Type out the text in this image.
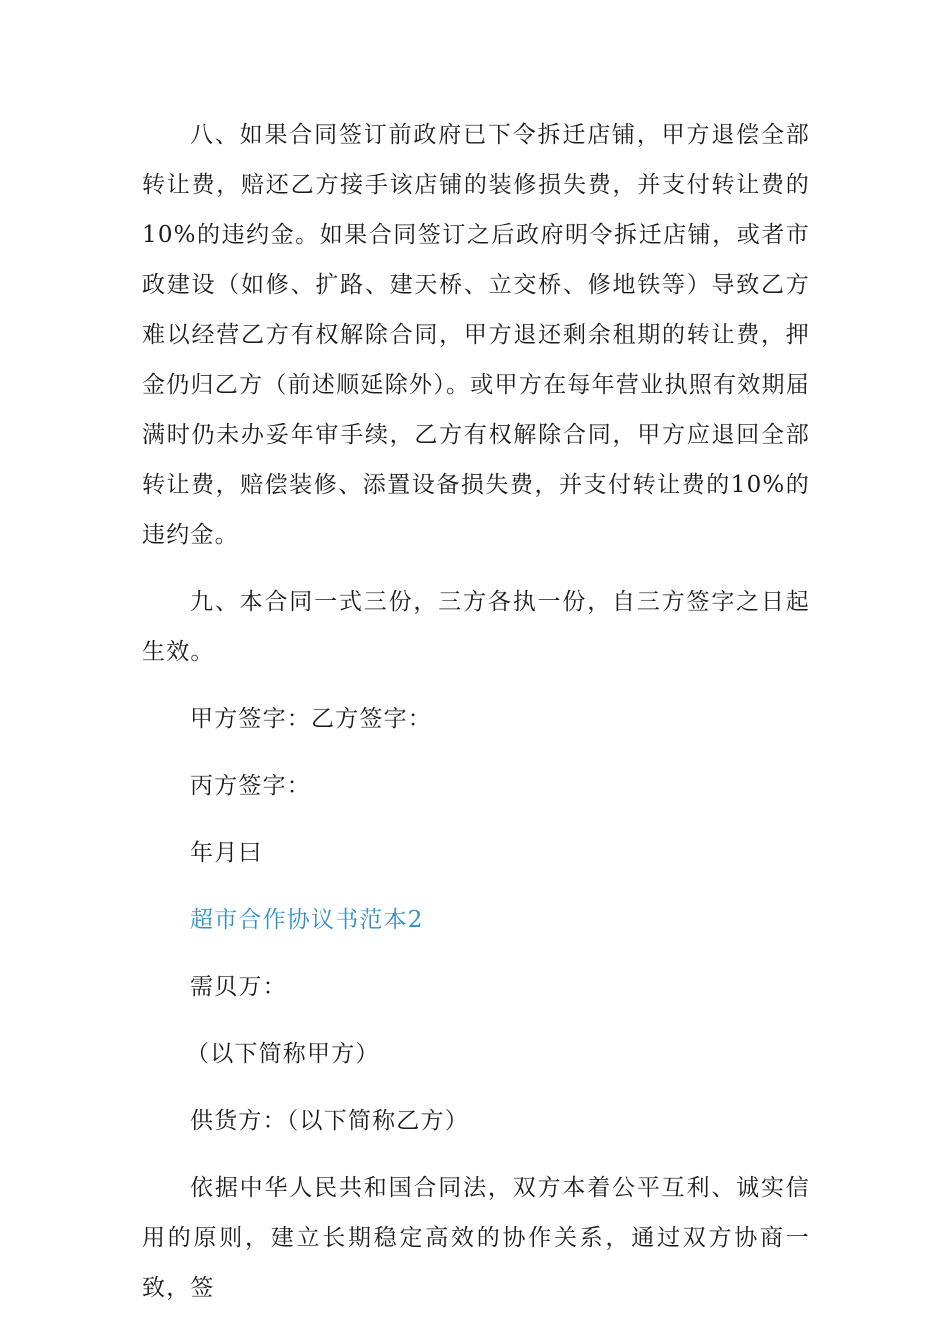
八、如果合同签订前政府已下令拆迁店铺，甲方退偿全部转让费，赔还乙方接手该店铺的装修损失费，并支付转让费的10%的违约金。如果合同签订之后政府明令拆迁店铺，或者市政建设（如修、扩路、建天桥、立交桥、修地铁等）导致乙方难以经营乙方有权解除合同，甲方退还剩余租期的转让费，押金仍归乙方（前述顺延除外）。或甲方在每年营业执照有效期届满时仍未办妥年审手续，乙方有权解除合同，甲方应退回全部转让费，赔偿装修、添置设备损失费，并支付转让费的10%的违约金。

九、本合同一式三份，三方各执一份，自三方签字之日起生效。

甲方签字：乙方签字：

丙方签字：

年月曰

超市合作协议书范本2

需贝万：

（以下简称甲方）

供货方：（以下简称乙方）

依据中华人民共和国合同法，双方本着公平互利、诚实信用的原则，建立长期稳定高效的协作关系，通过双方协商一致，签
